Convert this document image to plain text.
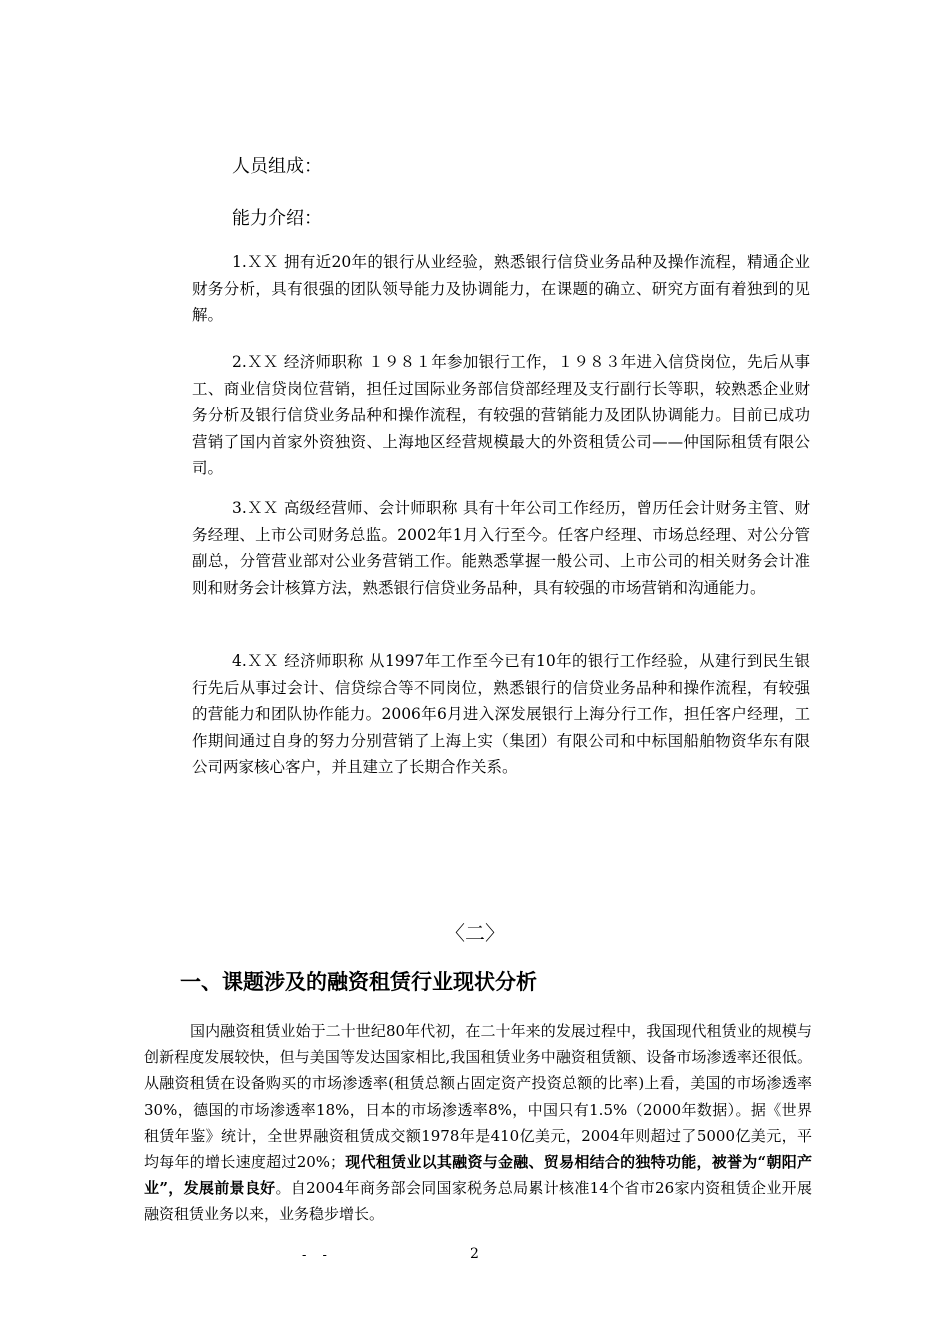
人员组成：
能力介绍：

1.ＸＸ 拥有近20年的银行从业经验，熟悉银行信贷业务品种及操作流程，精通企业财务分析，具有很强的团队领导能力及协调能力，在课题的确立、研究方面有着独到的见解。

2.ＸＸ 经济师职称 １９８１年参加银行工作，１９８３年进入信贷岗位，先后从事工、商业信贷岗位营销，担任过国际业务部信贷部经理及支行副行长等职，较熟悉企业财务分析及银行信贷业务品种和操作流程，有较强的营销能力及团队协调能力。目前已成功营销了国内首家外资独资、上海地区经营规模最大的外资租赁公司——仲国际租赁有限公司。

3.ＸＸ 高级经营师、会计师职称 具有十年公司工作经历，曾历任会计财务主管、财务经理、上市公司财务总监。2002年1月入行至今。任客户经理、市场总经理、对公分管副总，分管营业部对公业务营销工作。能熟悉掌握一般公司、上市公司的相关财务会计准则和财务会计核算方法，熟悉银行信贷业务品种，具有较强的市场营销和沟通能力。

4.ＸＸ 经济师职称 从1997年工作至今已有10年的银行工作经验，从建行到民生银行先后从事过会计、信贷综合等不同岗位，熟悉银行的信贷业务品种和操作流程，有较强的营能力和团队协作能力。2006年6月进入深发展银行上海分行工作，担任客户经理，工作期间通过自身的努力分别营销了上海上实（集团）有限公司和中标国船舶物资华东有限公司两家核心客户，并且建立了长期合作关系。

〈二〉
一、课题涉及的融资租赁行业现状分析

国内融资租赁业始于二十世纪80年代初，在二十年来的发展过程中，我国现代租赁业的规模与创新程度发展较快，但与美国等发达国家相比,我国租赁业务中融资租赁额、设备市场渗透率还很低。从融资租赁在设备购买的市场渗透率(租赁总额占固定资产投资总额的比率)上看，美国的市场渗透率30%，德国的市场渗透率18%，日本的市场渗透率8%，中国只有1.5%（2000年数据）。据《世界租赁年鉴》统计，全世界融资租赁成交额1978年是410亿美元，2004年则超过了5000亿美元，平均每年的增长速度超过20%；现代租赁业以其融资与金融、贸易相结合的独特功能，被誉为“朝阳产业”，发展前景良好。自2004年商务部会同国家税务总局累计核准14个省市26家内资租赁企业开展融资租赁业务以来，业务稳步增长。

- -	2
